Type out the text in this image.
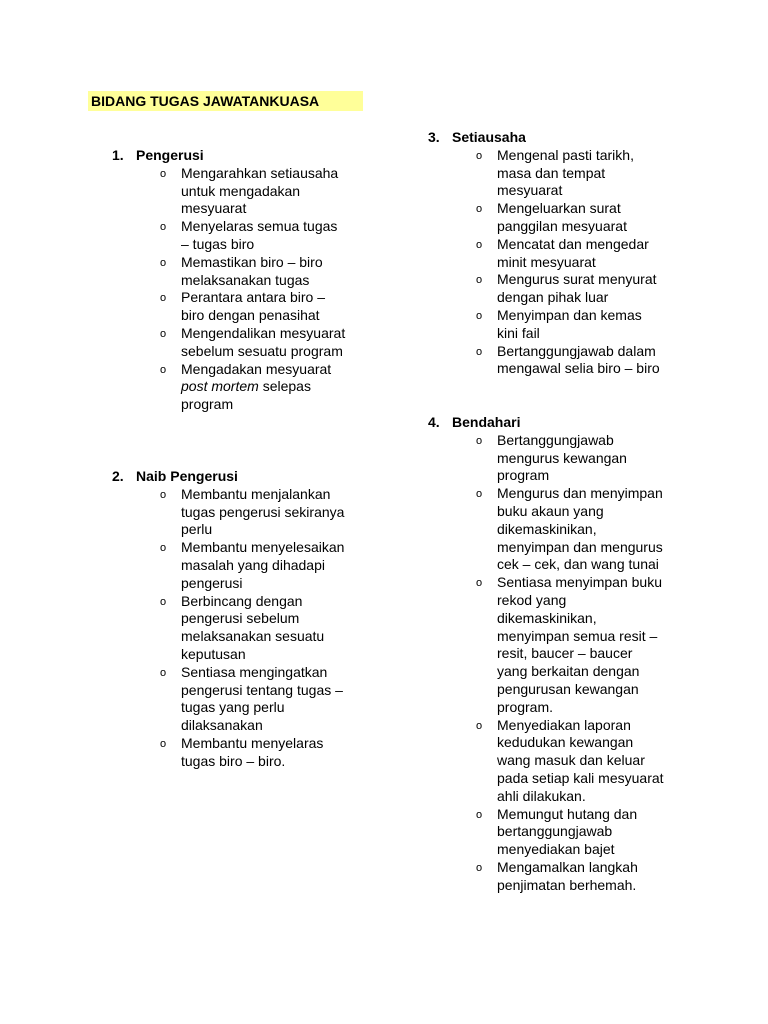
BIDANG TUGAS JAWATANKUASA
1. Pengerusi
o Mengarahkan setiausaha
untuk mengadakan
mesyuarat
o Menyelaras semua tugas
– tugas biro
o Memastikan biro – biro
melaksanakan tugas
o Perantara antara biro –
biro dengan penasihat
o Mengendalikan mesyuarat
sebelum sesuatu program
o Mengadakan mesyuarat
post mortem selepas
program
2. Naib Pengerusi
o Membantu menjalankan
tugas pengerusi sekiranya
perlu
o Membantu menyelesaikan
masalah yang dihadapi
pengerusi
o Berbincang dengan
pengerusi sebelum
melaksanakan sesuatu
keputusan
o Sentiasa mengingatkan
pengerusi tentang tugas –
tugas yang perlu
dilaksanakan
o Membantu menyelaras
tugas biro – biro.
3. Setiausaha
o Mengenal pasti tarikh,
masa dan tempat
mesyuarat
o Mengeluarkan surat
panggilan mesyuarat
o Mencatat dan mengedar
minit mesyuarat
o Mengurus surat menyurat
dengan pihak luar
o Menyimpan dan kemas
kini fail
o Bertanggungjawab dalam
mengawal selia biro – biro
4. Bendahari
o Bertanggungjawab
mengurus kewangan
program
o Mengurus dan menyimpan
buku akaun yang
dikemaskinikan,
menyimpan dan mengurus
cek – cek, dan wang tunai
o Sentiasa menyimpan buku
rekod yang
dikemaskinikan,
menyimpan semua resit –
resit, baucer – baucer
yang berkaitan dengan
pengurusan kewangan
program.
o Menyediakan laporan
kedudukan kewangan
wang masuk dan keluar
pada setiap kali mesyuarat
ahli dilakukan.
o Memungut hutang dan
bertanggungjawab
menyediakan bajet
o Mengamalkan langkah
penjimatan berhemah.
